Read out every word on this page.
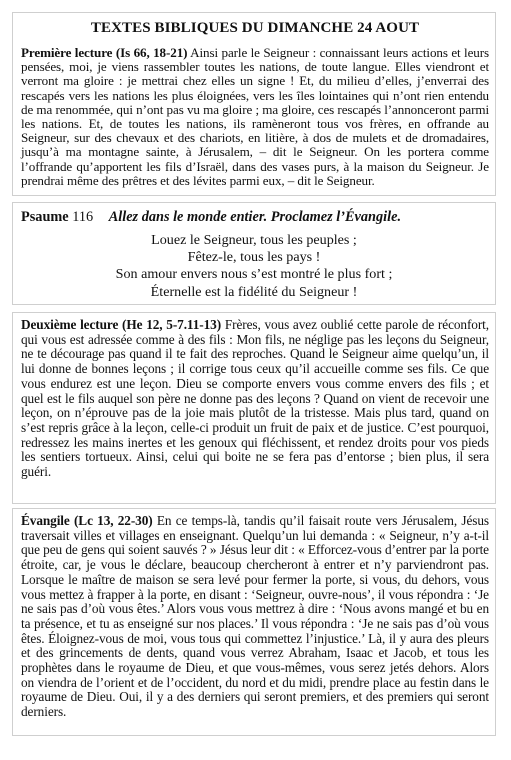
TEXTES BIBLIQUES DU DIMANCHE 24 AOUT

Première lecture (Is 66, 18-21) Ainsi parle le Seigneur : connaissant leurs actions et leurs pensées, moi, je viens rassembler toutes les nations, de toute langue. Elles viendront et verront ma gloire : je mettrai chez elles un signe ! Et, du milieu d’elles, j’enverrai des rescapés vers les nations les plus éloignées, vers les îles lointaines qui n’ont rien entendu de ma renommée, qui n’ont pas vu ma gloire ; ma gloire, ces rescapés l’annonceront parmi les nations. Et, de toutes les nations, ils ramèneront tous vos frères, en offrande au Seigneur, sur des chevaux et des chariots, en litière, à dos de mulets et de dromadaires, jusqu’à ma montagne sainte, à Jérusalem, – dit le Seigneur. On les portera comme l’offrande qu’apportent les fils d’Israël, dans des vases purs, à la maison du Seigneur. Je prendrai même des prêtres et des lévites parmi eux, – dit le Seigneur.

Psaume 116 Allez dans le monde entier. Proclamez l’Évangile.
Louez le Seigneur, tous les peuples ;
Fêtez-le, tous les pays !
Son amour envers nous s’est montré le plus fort ;
Éternelle est la fidélité du Seigneur !

Deuxième lecture (He 12, 5-7.11-13) Frères, vous avez oublié cette parole de réconfort, qui vous est adressée comme à des fils : Mon fils, ne néglige pas les leçons du Seigneur, ne te décourage pas quand il te fait des reproches. Quand le Seigneur aime quelqu’un, il lui donne de bonnes leçons ; il corrige tous ceux qu’il accueille comme ses fils. Ce que vous endurez est une leçon. Dieu se comporte envers vous comme envers des fils ; et quel est le fils auquel son père ne donne pas des leçons ? Quand on vient de recevoir une leçon, on n’éprouve pas de la joie mais plutôt de la tristesse. Mais plus tard, quand on s’est repris grâce à la leçon, celle-ci produit un fruit de paix et de justice. C’est pourquoi, redressez les mains inertes et les genoux qui fléchissent, et rendez droits pour vos pieds les sentiers tortueux. Ainsi, celui qui boite ne se fera pas d’entorse ; bien plus, il sera guéri.

Évangile (Lc 13, 22-30) En ce temps-là, tandis qu’il faisait route vers Jérusalem, Jésus traversait villes et villages en enseignant. Quelqu’un lui demanda : « Seigneur, n’y a-t-il que peu de gens qui soient sauvés ? » Jésus leur dit : « Efforcez-vous d’entrer par la porte étroite, car, je vous le déclare, beaucoup chercheront à entrer et n’y parviendront pas. Lorsque le maître de maison se sera levé pour fermer la porte, si vous, du dehors, vous vous mettez à frapper à la porte, en disant : ‘Seigneur, ouvre-nous’, il vous répondra : ‘Je ne sais pas d’où vous êtes.’ Alors vous vous mettrez à dire : ‘Nous avons mangé et bu en ta présence, et tu as enseigné sur nos places.’ Il vous répondra : ‘Je ne sais pas d’où vous êtes. Éloignez-vous de moi, vous tous qui commettez l’injustice.’ Là, il y aura des pleurs et des grincements de dents, quand vous verrez Abraham, Isaac et Jacob, et tous les prophètes dans le royaume de Dieu, et que vous-mêmes, vous serez jetés dehors. Alors on viendra de l’orient et de l’occident, du nord et du midi, prendre place au festin dans le royaume de Dieu. Oui, il y a des derniers qui seront premiers, et des premiers qui seront derniers.
